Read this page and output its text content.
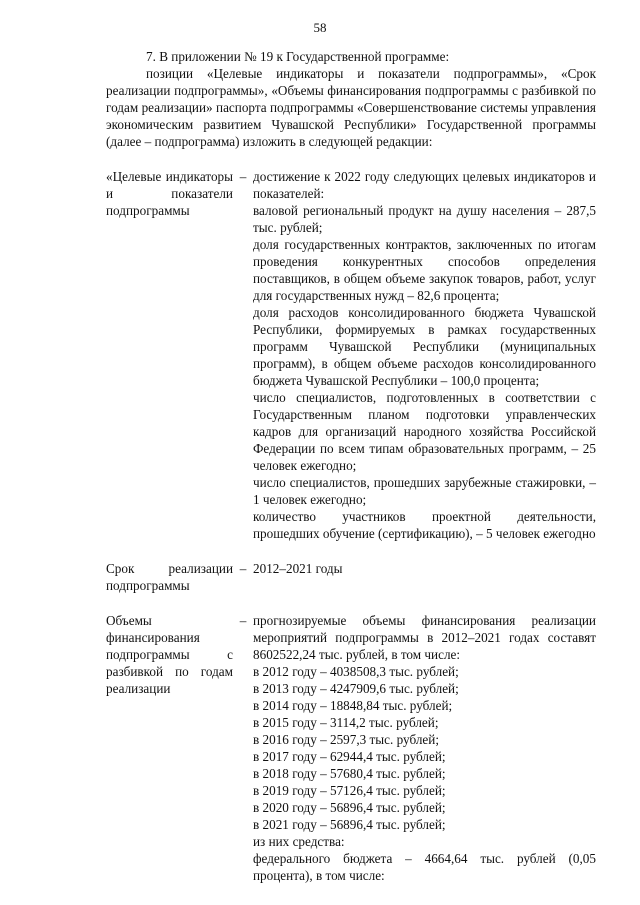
58

7. В приложении № 19 к Государственной программе:

позиции «Целевые индикаторы и показатели подпрограммы», «Срок реализации подпрограммы», «Объемы финансирования подпрограммы с разбивкой по годам реализации» паспорта подпрограммы «Совершенствование системы управления экономическим развитием Чувашской Республики» Государственной программы (далее – подпрограмма) изложить в следующей редакции:

«Целевые индикаторы и показатели подпрограммы
– достижение к 2022 году следующих целевых индикаторов и показателей:
валовой региональный продукт на душу населения – 287,5 тыс. рублей;
доля государственных контрактов, заключенных по итогам проведения конкурентных способов определения поставщиков, в общем объеме закупок товаров, работ, услуг для государственных нужд – 82,6 процента;
доля расходов консолидированного бюджета Чувашской Республики, формируемых в рамках государственных программ Чувашской Республики (муниципальных программ), в общем объеме расходов консолидированного бюджета Чувашской Республики – 100,0 процента;
число специалистов, подготовленных в соответствии с Государственным планом подготовки управленческих кадров для организаций народного хозяйства Российской Федерации по всем типам образовательных программ, – 25 человек ежегодно;
число специалистов, прошедших зарубежные стажировки, – 1 человек ежегодно;
количество участников проектной деятельности, прошедших обучение (сертификацию), – 5 человек ежегодно
Срок реализации подпрограммы
– 2012–2021 годы
Объемы финансирования подпрограммы с разбивкой по годам реализации
– прогнозируемые объемы финансирования реализации мероприятий подпрограммы в 2012–2021 годах составят 8602522,24 тыс. рублей, в том числе:
в 2012 году – 4038508,3 тыс. рублей;
в 2013 году – 4247909,6 тыс. рублей;
в 2014 году – 18848,84 тыс. рублей;
в 2015 году – 3114,2 тыс. рублей;
в 2016 году – 2597,3 тыс. рублей;
в 2017 году – 62944,4 тыс. рублей;
в 2018 году – 57680,4 тыс. рублей;
в 2019 году – 57126,4 тыс. рублей;
в 2020 году – 56896,4 тыс. рублей;
в 2021 году – 56896,4 тыс. рублей;
из них средства:
федерального бюджета – 4664,64 тыс. рублей (0,05 процента), в том числе:
